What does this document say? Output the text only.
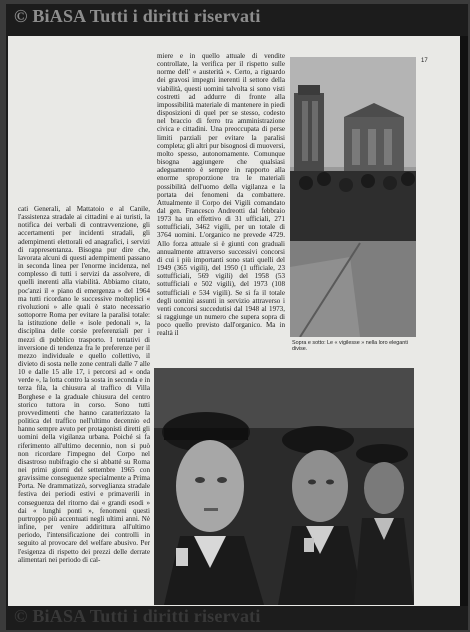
© BiASA Tutti i diritti riservati
17

cati Generali, al Mattatoio e al Canile, l'assistenza stradale ai cittadini e ai turisti, la notifica dei verbali di contravvenzione, gli accertamenti per incidenti stradali, gli adempimenti elettorali ed anagrafici, i servizi di rappresentanza. Bisogna pur dire che, lavorata alcuni di questi adempimenti passano in seconda linea per l'enorme incidenza, nel complesso di tutti i servizi da assolvere, di quelli inerenti alla viabilità. Abbiamo citato, poc'anzi il « piano di emergenza » del 1964 ma tutti ricordano le successive molteplici « rivoluzioni » alle quali è stato necessario sottoporre Roma per evitare la paralisi totale: la istituzione delle « isole pedonali », la disciplina delle corsie preferenziali per i mezzi di pubblico trasporto. I tentativi di inversione di tendenza fra le preferenze per il mezzo individuale e quello collettivo, il divieto di sosta nelle zone centrali dalle 7 alle 10 e dalle 15 alle 17, i percorsi ad « onda verde », la lotta contro la sosta in seconda e in terza fila, la chiusura al traffico di Villa Borghese e la graduale chiusura del centro storico tuttora in corso. Sono tutti provvedimenti che hanno caratterizzato la politica del traffico nell'ultimo decennio ed hanno sempre avuto per protagonisti diretti gli uomini della vigilanza urbana. Poiché si fa riferimento all'ultimo decennio, non si può non ricordare l'impegno del Corpo nel disastroso nubifragio che si abbatté su Roma nei primi giorni del settembre 1965 con gravissime conseguenze specialmente a Prima Porta. Ne drammatizzò, sorveglianza stradale festiva dei periodi estivi e primaverili in conseguenza del ritorno dai « grandi esodi » dai « lunghi ponti », fenomeni questi purtroppo più accentuati negli ultimi anni. Nè infine, per venire addirittura all'ultimo periodo, l'intensificazione dei controlli in seguito al provocare del welfare abusivo. Per l'esigenza di rispetto dei prezzi delle derrate alimentari nei periodo di cal-

miere e in quello attuale di vendite controllate, la verifica per il rispetto sulle norme dell' « austerità ». Certo, a riguardo dei gravosi impegni inerenti il settore della viabilità, questi uomini talvolta si sono visti costretti ad addurre di fronte alla impossibilità materiale di mantenere in piedi disposizioni di quel per se stesso, codesto nel braccio di ferro tra amministrazione civica e cittadini. Una preoccupata di perse limiti parziali per evitare la paralisi completa; gli altri pur bisognosi di muoversi, molto spesso, autonomamente. Comunque bisogna aggiungere che qualsiasi adeguamento è sempre in rapporto alla enorme sproporzione tra le materiali possibilità dell'uomo della vigilanza e la portata dei fenomeni da combattere. Attualmente il Corpo dei Vigili comandato dal gen. Francesco Andreotti dal febbraio 1973 ha un effettivo di 31 ufficiali, 271 sottufficiali, 3462 vigili, per un totale di 3764 uomini. L'organico ne prevede 4729. Allo forza attuale si è giunti con graduali annualmente attraverso successivi concorsi di cui i più importanti sono stati quelli del 1949 (365 vigili), del 1950 (1 ufficiale, 23 sottufficiali, 569 vigili) del 1958 (53 sottufficiali e 502 vigili), del 1973 (108 sottufficiali e 534 vigili). Se si fa il totale degli uomini assunti in servizio attraverso i venti concorsi succedutisi dal 1948 al 1973, si raggiunge un numero che supera sopra di poco quello previsto dall'organico. Ma in realtà il

Sopra e sotto: Le « vigilesse » nella loro eleganti divise.
© BiASA Tutti i diritti riservati
